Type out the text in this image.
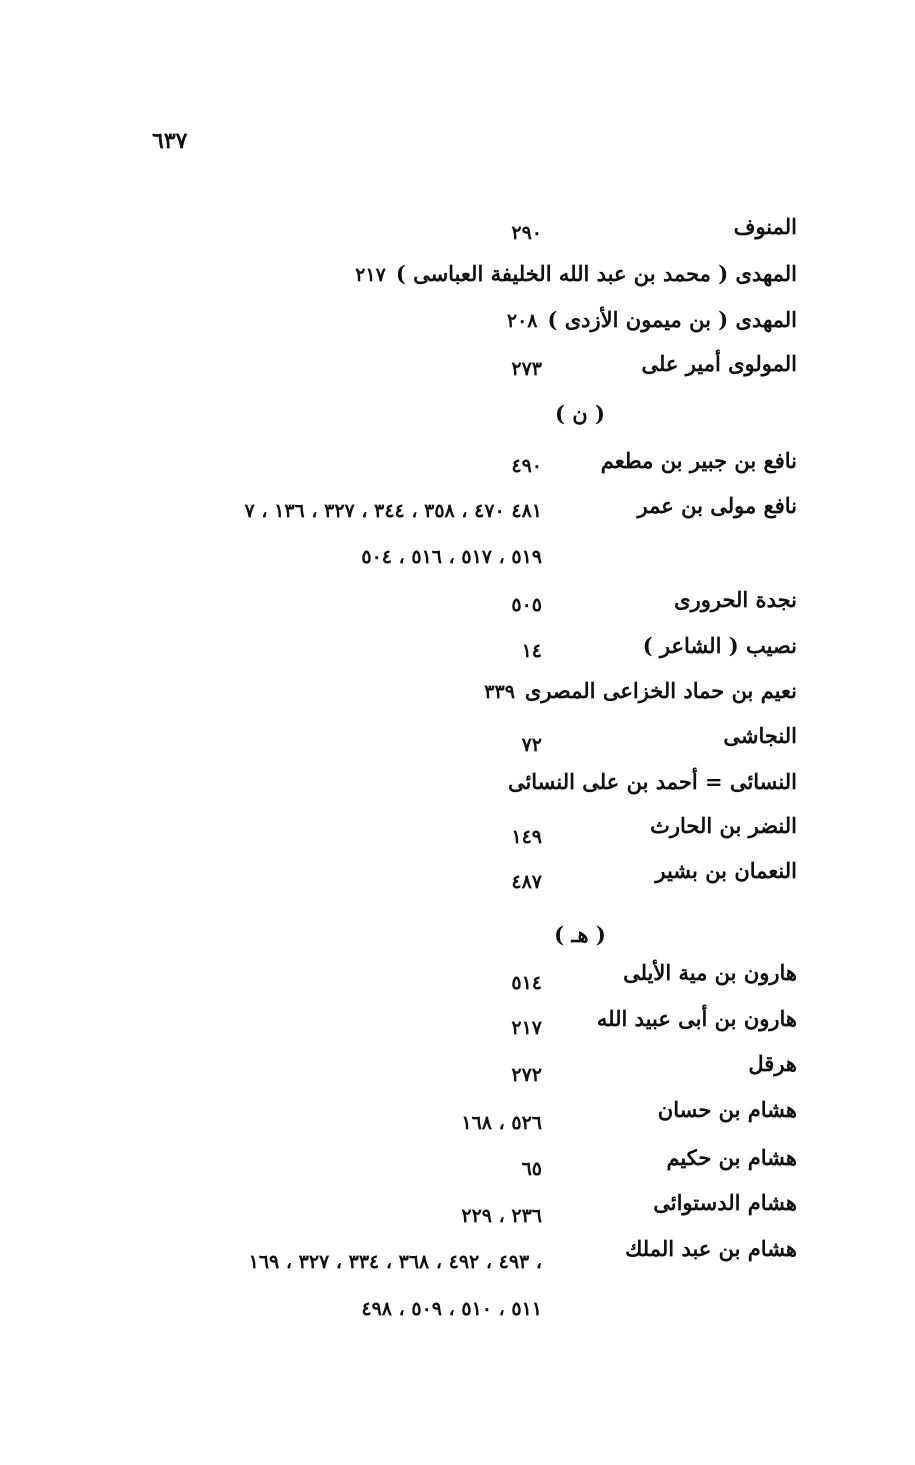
٦٣٧
المنوف
٢٩٠
المهدى ( محمد بن عبد الله الخليفة العباسى )٢١٧
المهدى ( بن ميمون الأزدى )٢٠٨
المولوى أمير على
٢٧٣
( ن )
نافع بن جبير بن مطعم
٤٩٠
نافع مولى بن عمر
٤٨١ ٤٧٠ ، ٣٥٨ ، ٣٤٤ ، ٣٢٧ ، ١٣٦ ، ٧
٥١٩ ، ٥١٧ ، ٥١٦ ، ٥٠٤
نجدة الحرورى
٥٠٥
نصيب ( الشاعر )
١٤
نعيم بن حماد الخزاعى المصرى٣٣٩
النجاشى
٧٢
النسائى = أحمد بن على النسائى
النضر بن الحارث
١٤٩
النعمان بن بشير
٤٨٧
( هـ )
هارون بن مية الأيلى
٥١٤
هارون بن أبى عبيد الله
٢١٧
هرقل
٢٧٢
هشام بن حسان
٥٢٦ ، ١٦٨
هشام بن حكيم
٦٥
هشام الدستوائى
٢٣٦ ، ٢٢٩
هشام بن عبد الملك
، ٤٩٣ ، ٤٩٢ ، ٣٦٨ ، ٣٣٤ ، ٣٢٧ ، ١٦٩
٥١١ ، ٥١٠ ، ٥٠٩ ، ٤٩٨
